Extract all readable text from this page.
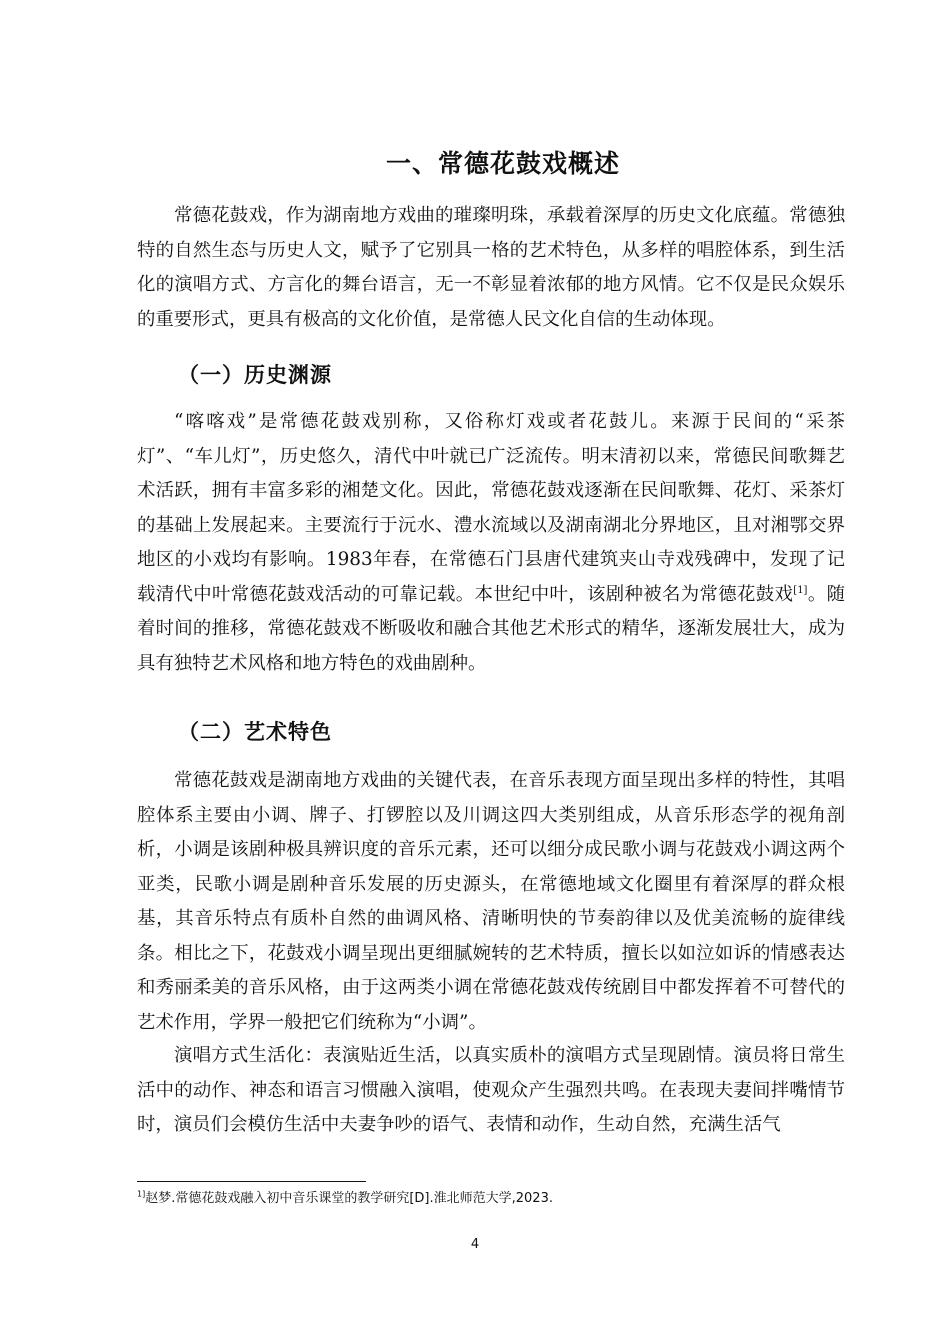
一、常德花鼓戏概述

常德花鼓戏，作为湖南地方戏曲的璀璨明珠，承载着深厚的历史文化底蕴。常德独特的自然生态与历史人文，赋予了它别具一格的艺术特色，从多样的唱腔体系，到生活化的演唱方式、方言化的舞台语言，无一不彰显着浓郁的地方风情。它不仅是民众娱乐的重要形式，更具有极高的文化价值，是常德人民文化自信的生动体现。

（一）历史渊源

“喀喀戏”是常德花鼓戏别称，又俗称灯戏或者花鼓儿。来源于民间的“采茶灯”、“车儿灯”，历史悠久，清代中叶就已广泛流传。明末清初以来，常德民间歌舞艺术活跃，拥有丰富多彩的湘楚文化。因此，常德花鼓戏逐渐在民间歌舞、花灯、采茶灯的基础上发展起来。主要流行于沅水、澧水流域以及湖南湖北分界地区，且对湘鄂交界地区的小戏均有影响。1983年春，在常德石门县唐代建筑夹山寺戏残碑中，发现了记载清代中叶常德花鼓戏活动的可靠记载。本世纪中叶，该剧种被名为常德花鼓戏[1]。随着时间的推移，常德花鼓戏不断吸收和融合其他艺术形式的精华，逐渐发展壮大，成为具有独特艺术风格和地方特色的戏曲剧种。

（二）艺术特色

常德花鼓戏是湖南地方戏曲的关键代表，在音乐表现方面呈现出多样的特性，其唱腔体系主要由小调、牌子、打锣腔以及川调这四大类别组成，从音乐形态学的视角剖析，小调是该剧种极具辨识度的音乐元素，还可以细分成民歌小调与花鼓戏小调这两个亚类，民歌小调是剧种音乐发展的历史源头，在常德地域文化圈里有着深厚的群众根基，其音乐特点有质朴自然的曲调风格、清晰明快的节奏韵律以及优美流畅的旋律线条。相比之下，花鼓戏小调呈现出更细腻婉转的艺术特质，擅长以如泣如诉的情感表达和秀丽柔美的音乐风格，由于这两类小调在常德花鼓戏传统剧目中都发挥着不可替代的艺术作用，学界一般把它们统称为“小调”。

演唱方式生活化：表演贴近生活，以真实质朴的演唱方式呈现剧情。演员将日常生活中的动作、神态和语言习惯融入演唱，使观众产生强烈共鸣。在表现夫妻间拌嘴情节时，演员们会模仿生活中夫妻争吵的语气、表情和动作，生动自然，充满生活气

$^{1]}$赵梦.常德花鼓戏融入初中音乐课堂的教学研究[D].淮北师范大学,2023.
4
